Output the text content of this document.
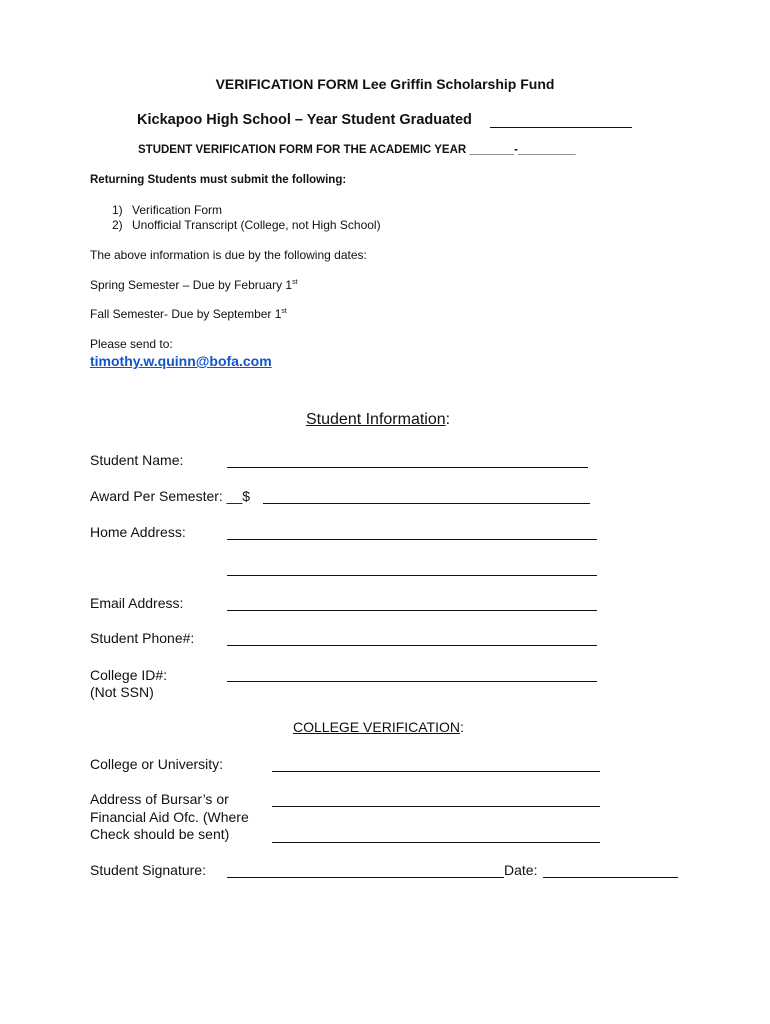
VERIFICATION FORM Lee Griffin Scholarship Fund
Kickapoo High School – Year Student Graduated
STUDENT VERIFICATION FORM FOR THE ACADEMIC YEAR _______-_________
Returning Students must submit the following:
1) Verification Form
2) Unofficial Transcript (College, not High School)
The above information is due by the following dates:
Spring Semester – Due by February 1st
Fall Semester- Due by September 1st
Please send to:
timothy.w.quinn@bofa.com
Student Information:
Student Name:
Award Per Semester: __$
Home Address:
Email Address:
Student Phone#:
College ID#:
(Not SSN)
COLLEGE VERIFICATION:
College or University:
Address of Bursar’s or
Financial Aid Ofc. (Where
Check should be sent)
Student Signature:	Date:
